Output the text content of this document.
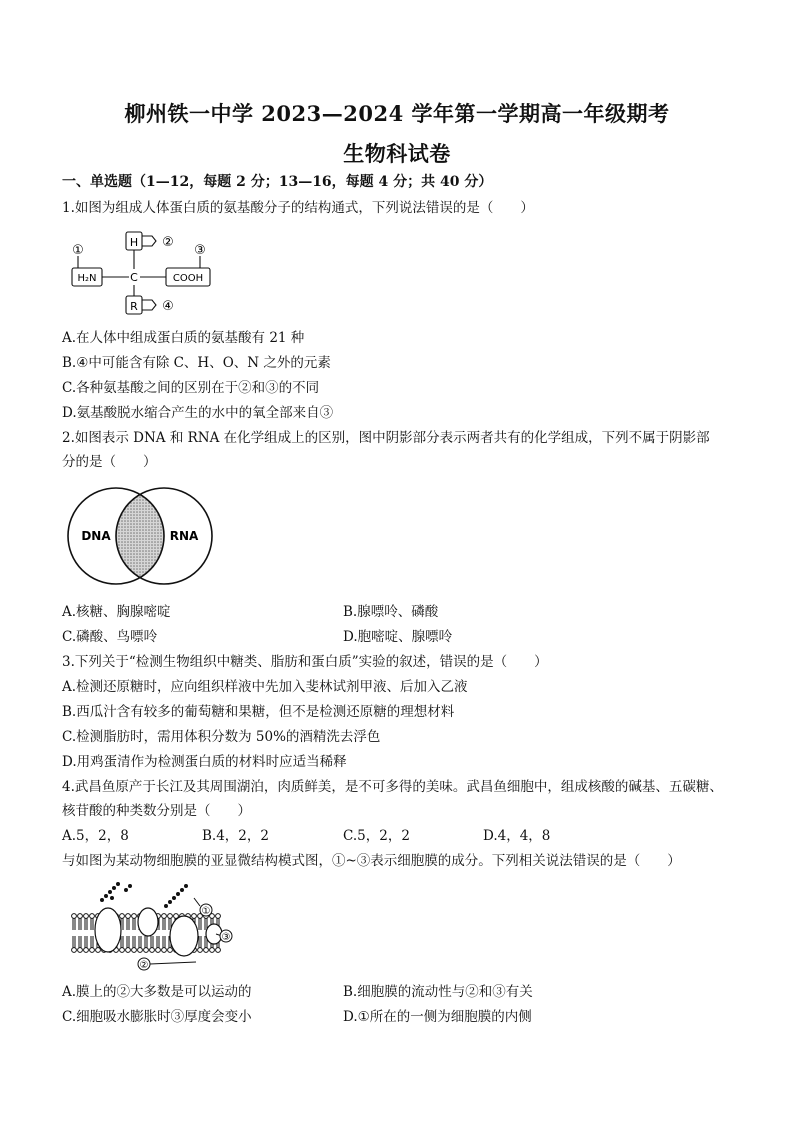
柳州铁一中学 2023—2024 学年第一学期高一年级期考
生物科试卷
一、单选题（1—12，每题 2 分；13—16，每题 4 分；共 40 分）
1.如图为组成人体蛋白质的氨基酸分子的结构通式，下列说法错误的是（　　）
H
H₂N	C	COOH
R
①
②
③
④
A.在人体中组成蛋白质的氨基酸有 21 种
B.④中可能含有除 C、H、O、N 之外的元素
C.各种氨基酸之间的区别在于②和③的不同
D.氨基酸脱水缩合产生的水中的氧全部来自③
2.如图表示 DNA 和 RNA 在化学组成上的区别，图中阴影部分表示两者共有的化学组成，下列不属于阴影部
分的是（　　）
DNA	RNA
A.核糖、胸腺嘧啶	B.腺嘌呤、磷酸
C.磷酸、鸟嘌呤	D.胞嘧啶、腺嘌呤
3.下列关于“检测生物组织中糖类、脂肪和蛋白质”实验的叙述，错误的是（　　）
A.检测还原糖时，应向组织样液中先加入斐林试剂甲液、后加入乙液
B.西瓜汁含有较多的葡萄糖和果糖，但不是检测还原糖的理想材料
C.检测脂肪时，需用体积分数为 50%的酒精洗去浮色
D.用鸡蛋清作为检测蛋白质的材料时应适当稀释
4.武昌鱼原产于长江及其周围湖泊，肉质鲜美，是不可多得的美味。武昌鱼细胞中，组成核酸的碱基、五碳糖、
核苷酸的种类数分别是（　　）
A.5，2，8	B.4，2，2	C.5，2，2	D.4，4，8
与如图为某动物细胞膜的亚显微结构模式图，①~③表示细胞膜的成分。下列相关说法错误的是（　　）
①
②
③
A.膜上的②大多数是可以运动的	B.细胞膜的流动性与②和③有关
C.细胞吸水膨胀时③厚度会变小	D.①所在的一侧为细胞膜的内侧
